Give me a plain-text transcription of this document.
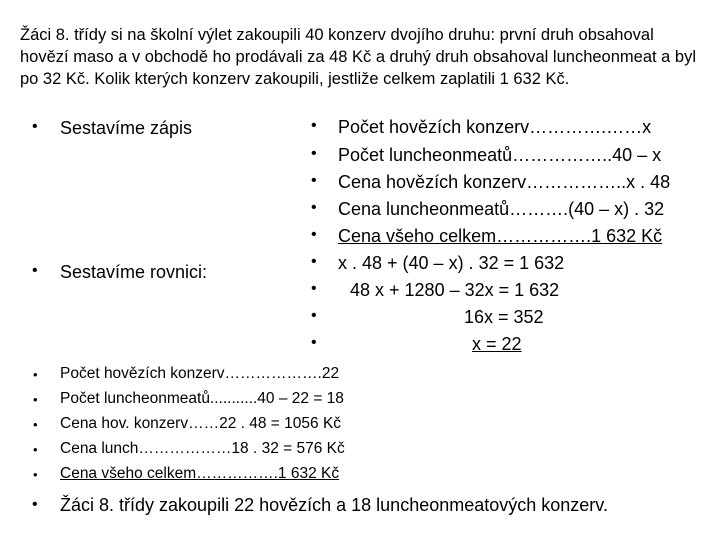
Žáci 8. třídy si na školní výlet zakoupili 40 konzerv dvojího druhu: první druh obsahoval hovězí maso a v obchodě ho prodávali za 48 Kč a druhý druh obsahoval luncheonmeat a byl po 32 Kč. Kolik kterých konzerv zakoupili, jestliže celkem zaplatili 1 632 Kč.

• Sestavíme zápis
• Sestavíme rovnici:
• Počet hovězích konzerv………….……x
• Počet luncheonmeatů……………..40 – x
• Cena hovězích konzerv……………..x . 48
• Cena luncheonmeatů……….(40 – x) . 32
• Cena všeho celkem…………….1 632 Kč
• x . 48 + (40 – x) . 32 = 1 632
• 48 x + 1280 – 32x = 1 632
•	16x = 352
•	x = 22
• Počet hovězích konzerv……………….22
• Počet luncheonmeatů...........40 – 22 = 18
• Cena hov. konzerv……22 . 48 = 1056 Kč
• Cena lunch………………18 . 32 = 576 Kč
• Cena všeho celkem…………….1 632 Kč
• Žáci 8. třídy zakoupili 22 hovězích a 18 luncheonmeatových konzerv.
